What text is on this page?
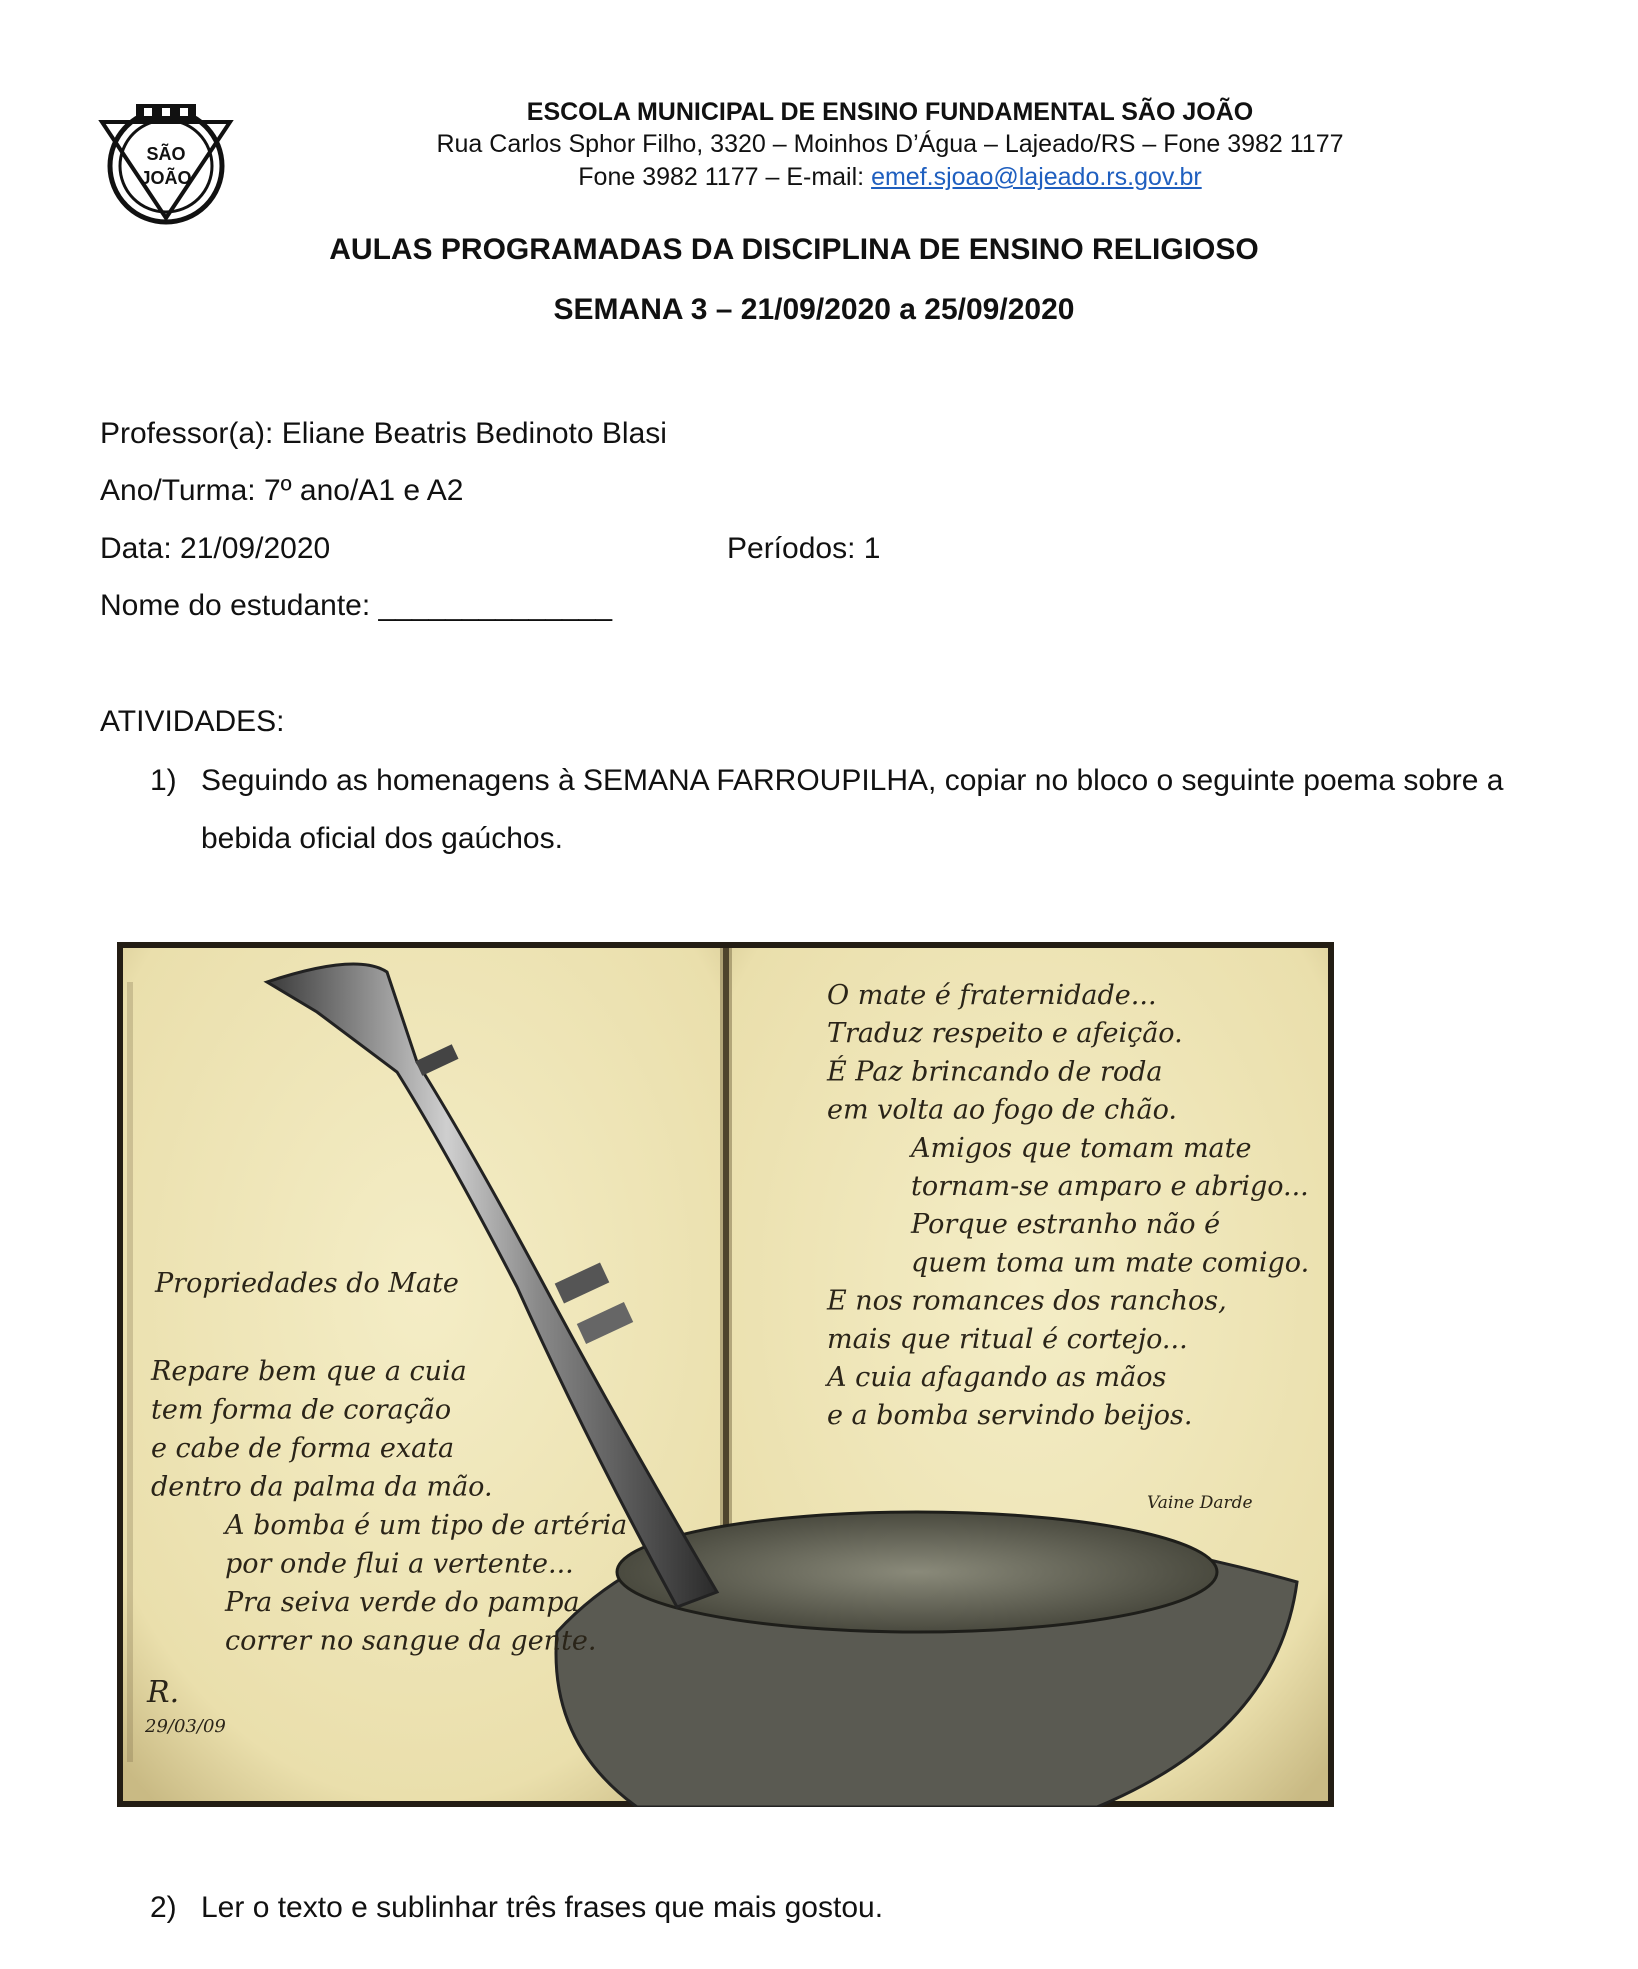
SÃO
JOÃO
ESCOLA MUNICIPAL DE ENSINO FUNDAMENTAL SÃO JOÃO
Rua Carlos Sphor Filho, 3320 – Moinhos D’Água – Lajeado/RS – Fone 3982 1177
Fone 3982 1177 – E-mail: emef.sjoao@lajeado.rs.gov.br
AULAS PROGRAMADAS DA DISCIPLINA DE ENSINO RELIGIOSO
SEMANA 3 – 21/09/2020 a 25/09/2020
Professor(a): Eliane Beatris Bedinoto Blasi
Ano/Turma: 7º ano/A1 e A2
Data: 21/09/2020	Períodos: 1
Nome do estudante: ______________
ATIVIDADES:
1) Seguindo as homenagens à SEMANA FARROUPILHA, copiar no bloco o seguinte poema sobre a bebida oficial dos gaúchos.
Propriedades do Mate
Repare bem que a cuia
tem forma de coração
e cabe de forma exata
dentro da palma da mão.
A bomba é um tipo de artéria
por onde flui a vertente...
Pra seiva verde do pampa
correr no sangue da gente.
R.
29/03/09
O mate é fraternidade...
Traduz respeito e afeição.
É Paz brincando de roda
em volta ao fogo de chão.
Amigos que tomam mate
tornam-se amparo e abrigo...
Porque estranho não é
quem toma um mate comigo.
E nos romances dos ranchos,
mais que ritual é cortejo...
A cuia afagando as mãos
e a bomba servindo beijos.
Vaine Darde
2) Ler o texto e sublinhar três frases que mais gostou.
